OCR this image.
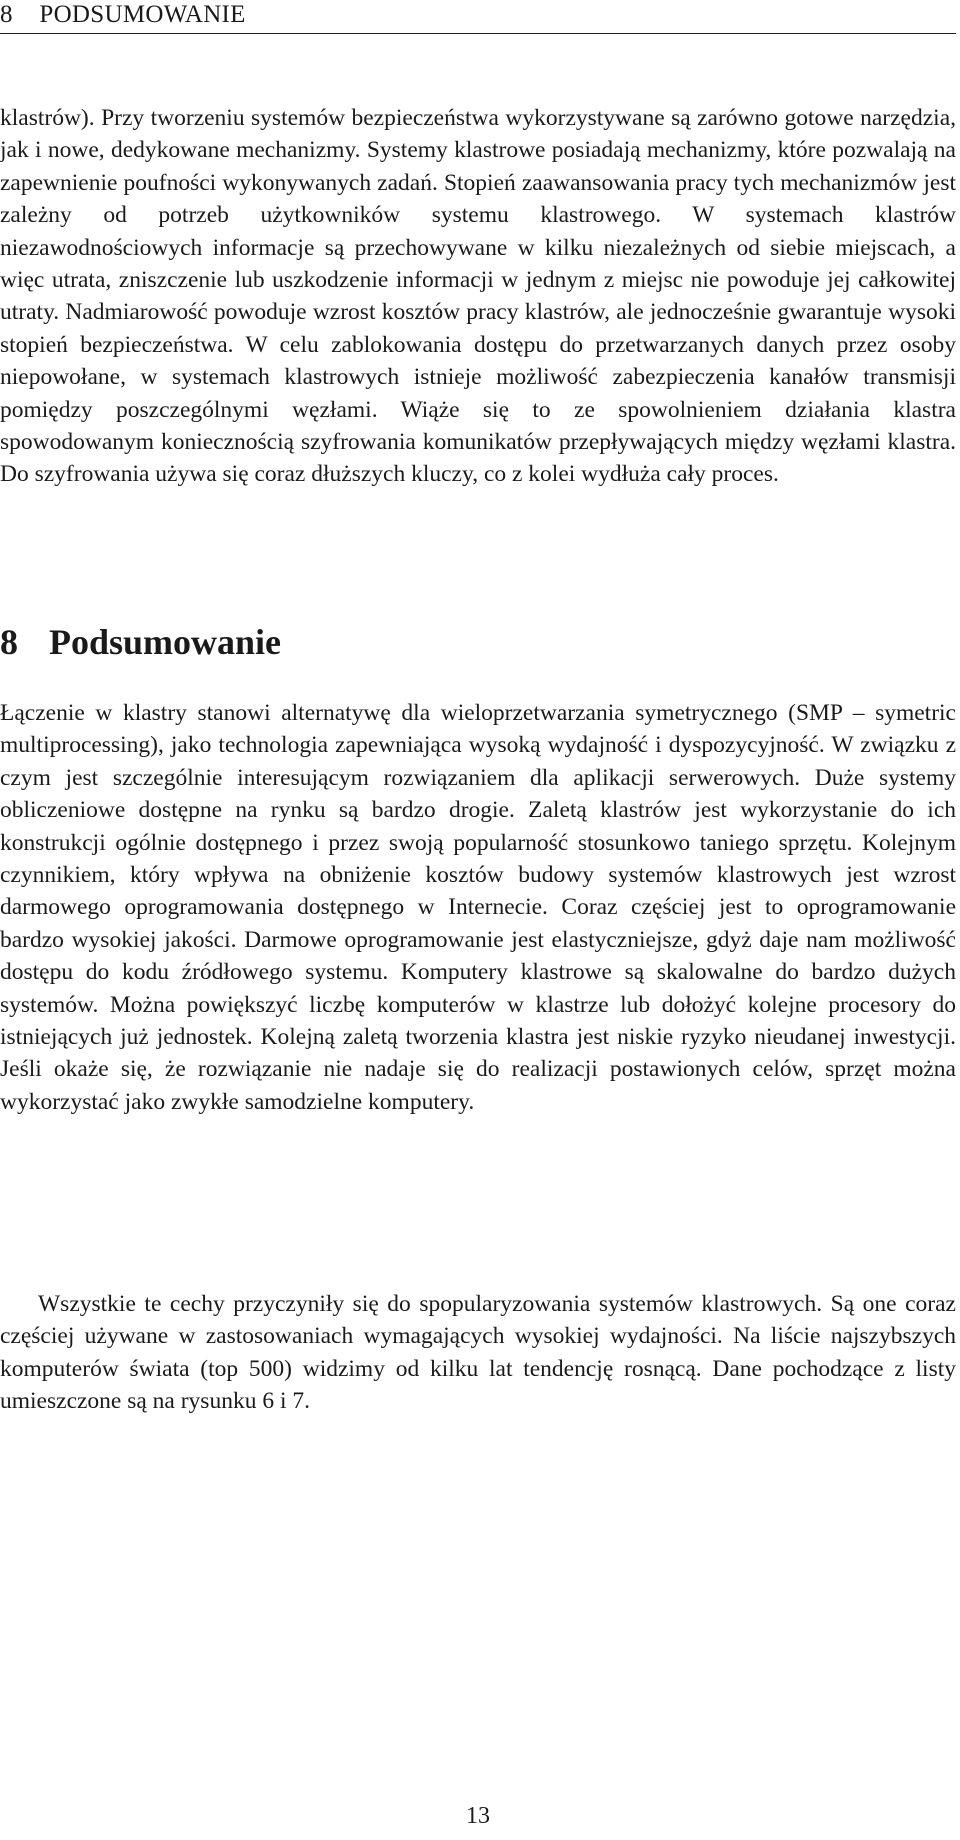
8 PODSUMOWANIE

klastrów). Przy tworzeniu systemów bezpieczeństwa wykorzystywane są zarówno gotowe narzędzia, jak i nowe, dedykowane mechanizmy. Systemy klastrowe posiadają mechanizmy, które pozwalają na zapewnienie poufności wykonywanych zadań. Stopień zaawansowania pracy tych mechanizmów jest zależny od potrzeb użytkowników systemu klastrowego. W systemach klastrów niezawodnościowych informacje są przechowywane w kilku niezależnych od siebie miejscach, a więc utrata, zniszczenie lub uszkodzenie informacji w jednym z miejsc nie powoduje jej całkowitej utraty. Nadmiarowość powoduje wzrost kosztów pracy klastrów, ale jednocześnie gwarantuje wysoki stopień bezpieczeństwa. W celu zablokowania dostępu do przetwarzanych danych przez osoby niepowołane, w systemach klastrowych istnieje możliwość zabezpieczenia kanałów transmisji pomiędzy poszczególnymi węzłami. Wiąże się to ze spowolnieniem działania klastra spowodowanym koniecznością szyfrowania komunikatów przepływających między węzłami klastra. Do szyfrowania używa się coraz dłuższych kluczy, co z kolei wydłuża cały proces.

8 Podsumowanie

Łączenie w klastry stanowi alternatywę dla wieloprzetwarzania symetrycznego (SMP – symetric multiprocessing), jako technologia zapewniająca wysoką wydajność i dyspozycyjność. W związku z czym jest szczególnie interesującym rozwiązaniem dla aplikacji serwerowych. Duże systemy obliczeniowe dostępne na rynku są bardzo drogie. Zaletą klastrów jest wykorzystanie do ich konstrukcji ogólnie dostępnego i przez swoją popularność stosunkowo taniego sprzętu. Kolejnym czynnikiem, który wpływa na obniżenie kosztów budowy systemów klastrowych jest wzrost darmowego oprogramowania dostępnego w Internecie. Coraz częściej jest to oprogramowanie bardzo wysokiej jakości. Darmowe oprogramowanie jest elastyczniejsze, gdyż daje nam możliwość dostępu do kodu źródłowego systemu. Komputery klastrowe są skalowalne do bardzo dużych systemów. Można powiększyć liczbę komputerów w klastrze lub dołożyć kolejne procesory do istniejących już jednostek. Kolejną zaletą tworzenia klastra jest niskie ryzyko nieudanej inwestycji. Jeśli okaże się, że rozwiązanie nie nadaje się do realizacji postawionych celów, sprzęt można wykorzystać jako zwykłe samodzielne komputery.

Wszystkie te cechy przyczyniły się do spopularyzowania systemów klastrowych. Są one coraz częściej używane w zastosowaniach wymagających wysokiej wydajności. Na liście najszybszych komputerów świata (top 500) widzimy od kilku lat tendencję rosnącą. Dane pochodzące z listy umieszczone są na rysunku 6 i 7.

13
